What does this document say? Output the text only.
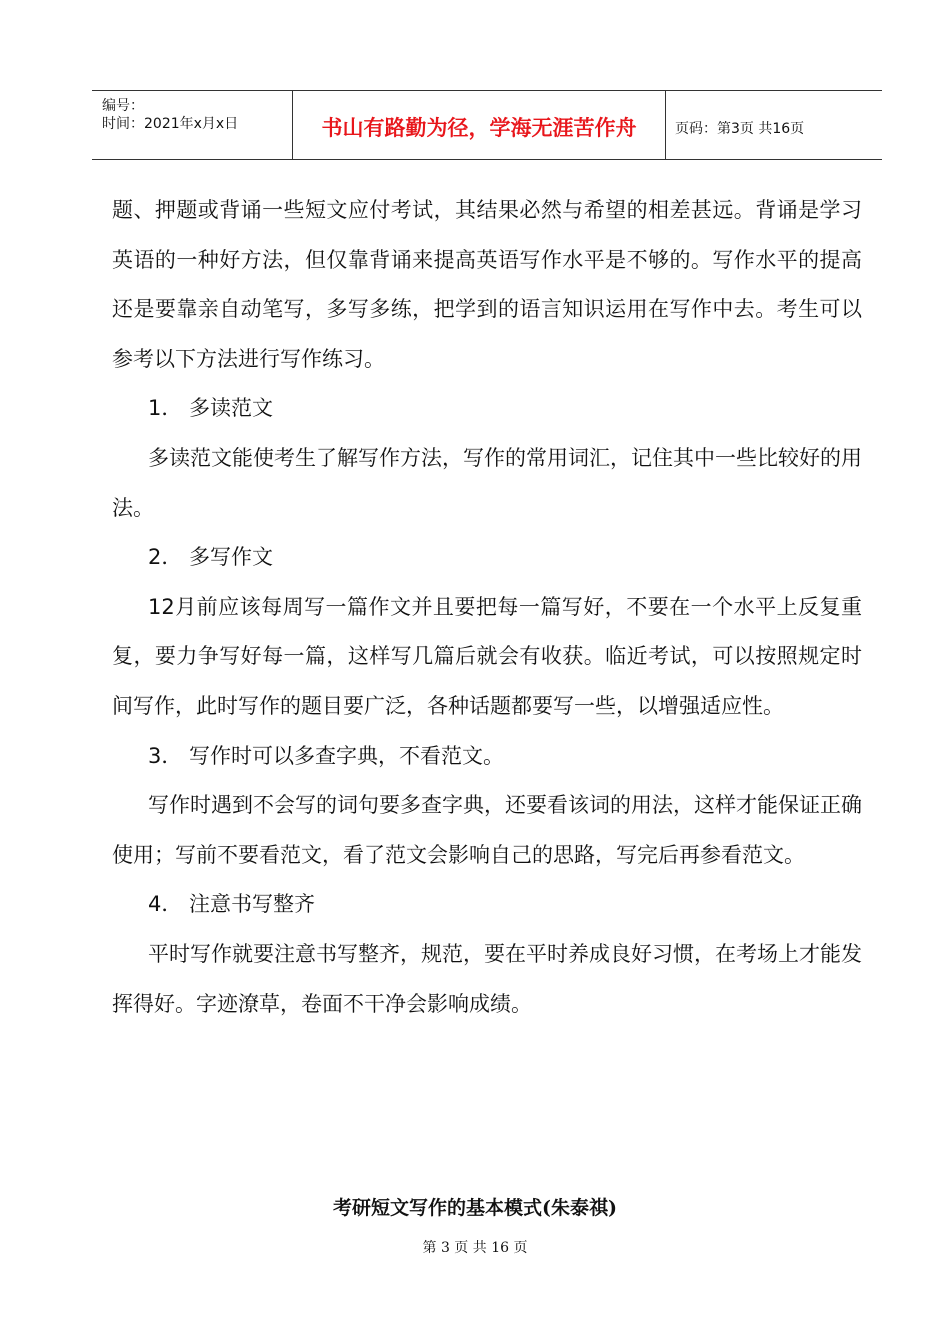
编号：
时间：2021年x月x日	书山有路勤为径，学海无涯苦作舟	页码：第3页 共16页

题、押题或背诵一些短文应付考试，其结果必然与希望的相差甚远。背诵是学习英语的一种好方法，但仅靠背诵来提高英语写作水平是不够的。写作水平的提高还是要靠亲自动笔写，多写多练，把学到的语言知识运用在写作中去。考生可以参考以下方法进行写作练习。

1． 多读范文

多读范文能使考生了解写作方法，写作的常用词汇，记住其中一些比较好的用法。

2． 多写作文

12月前应该每周写一篇作文并且要把每一篇写好，不要在一个水平上反复重复，要力争写好每一篇，这样写几篇后就会有收获。临近考试，可以按照规定时间写作，此时写作的题目要广泛，各种话题都要写一些，以增强适应性。

3． 写作时可以多查字典，不看范文。

写作时遇到不会写的词句要多查字典，还要看该词的用法，这样才能保证正确使用；写前不要看范文，看了范文会影响自己的思路，写完后再参看范文。

4． 注意书写整齐

平时写作就要注意书写整齐，规范，要在平时养成良好习惯，在考场上才能发挥得好。字迹潦草，卷面不干净会影响成绩。

考研短文写作的基本模式(朱泰祺)
第 3 页 共 16 页
